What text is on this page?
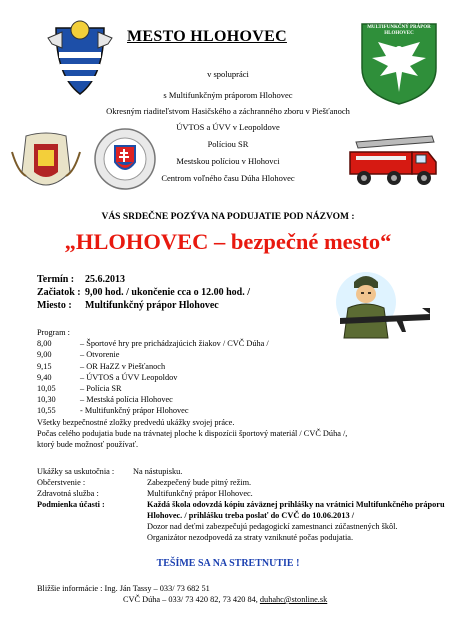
MESTO HLOHOVEC
MULTIFUNKČNÝ PRÁPOR HLOHOVEC
v spolupráci
s Multifunkčným práporom Hlohovec
Okresným riaditeľstvom Hasičského a záchranného zboru v Piešťanoch
ÚVTOS a ÚVV v Leopoldove
Políciou SR
Mestskou políciou v Hlohovci
Centrom voľného času Dúha Hlohovec
VÁS SRDEČNE POZÝVA NA PODUJATIE POD NÁZVOM :
„HLOHOVEC – bezpečné mesto“
Termín : 25.6.2013
Začiatok : 9,00 hod. / ukončenie cca o 12.00 hod. /
Miesto : Multifunkčný prápor Hlohovec
Program :
8,00	– Športové hry pre prichádzajúcich žiakov / CVČ Dúha /
9,00	– Otvorenie
9,15	– OR HaZZ v Piešťanoch
9,40	– ÚVTOS a ÚVV Leopoldov
10,05	– Polícia SR
10,30	– Mestská polícia Hlohovec
10,55	- Multifunkčný prápor Hlohovec
Všetky bezpečnostné zložky predvedú ukážky svojej práce.
Počas celého podujatia bude na trávnatej ploche k dispozícii športový materiál / CVČ Dúha /,
ktorý bude možnosť používať.
Ukážky sa uskutočnia : Na nástupisku.
Občerstvenie :	Zabezpečený bude pitný režim.
Zdravotná služba :	Multifunkčný prápor Hlohovec.
Podmienka účasti :	Každá škola odovzdá kópiu záväznej prihlášky na vrátnici Multifunkčného práporu Hlohovec. / prihlášku treba poslať do CVČ do 10.06.2013 /
Dozor nad deťmi zabezpečujú pedagogickí zamestnanci zúčastnených škôl.
Organizátor nezodpovedá za straty vzniknuté počas podujatia.
TEŠÍME SA NA STRETNUTIE !
Bližšie informácie : Ing. Ján Tassy – 033/ 73 682 51
CVČ Dúha – 033/ 73 420 82, 73 420 84, duhahc@stonline.sk
